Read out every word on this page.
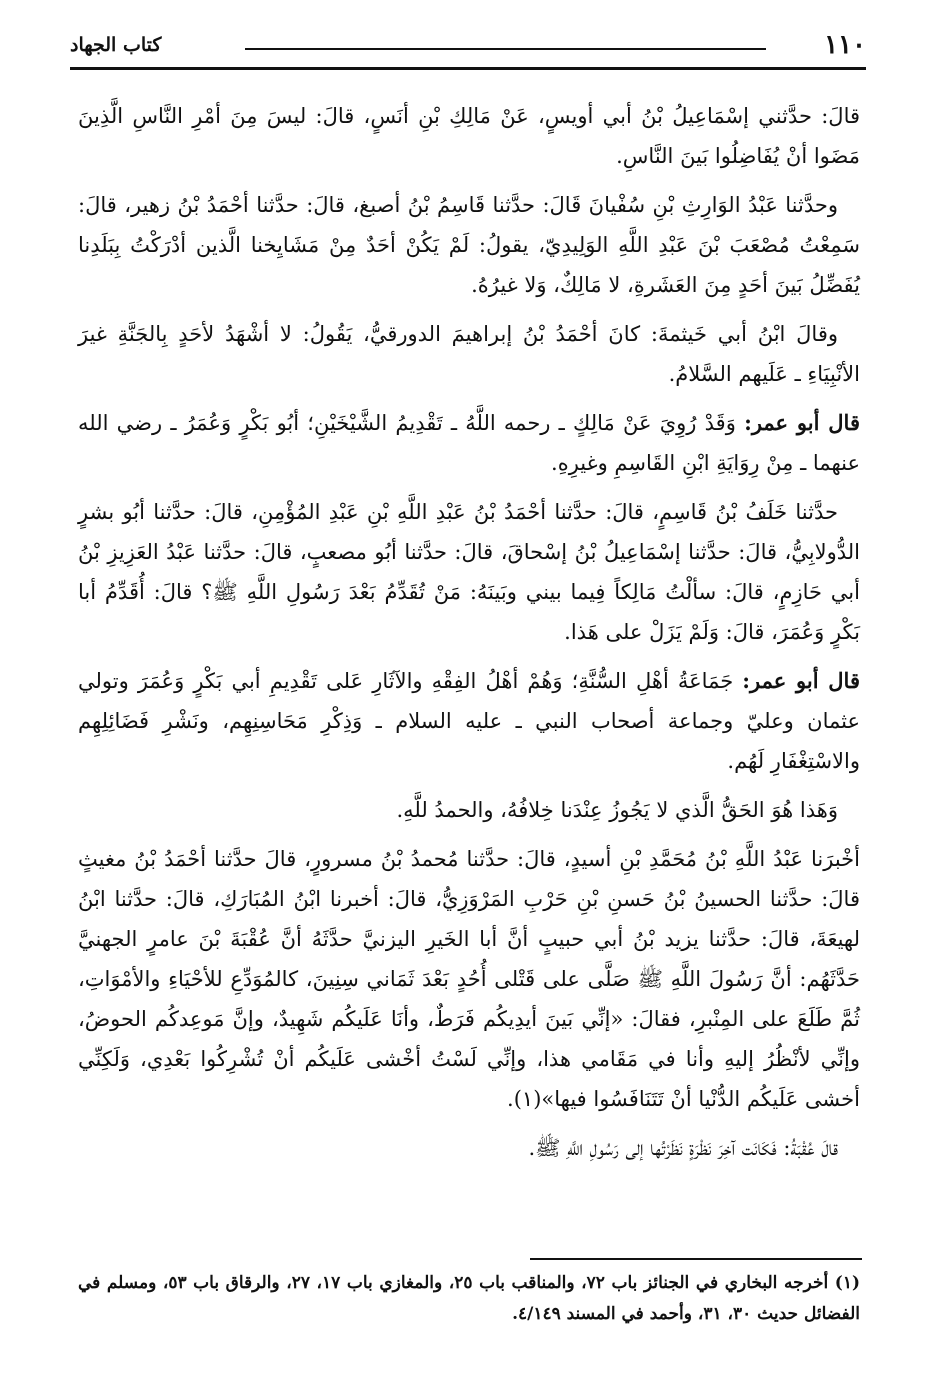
١١٠
كتاب الجهاد

قالَ: حدَّثني إسْمَاعِيلُ بْنُ أبي أويسٍ، عَنْ مَالِكِ بْنِ أنَسٍ، قالَ: ليسَ مِنَ أمْرِ النَّاسِ الَّذِينَ مَضَوا أنْ يُفَاضِلُوا بَينَ النَّاسِ.

وحدَّثنا عَبْدُ الوَارِثِ بْنِ سُفْيانَ قَالَ: حدَّثنا قَاسِمُ بْنُ أصبغ، قالَ: حدَّثنا أحْمَدُ بْنُ زهير، قالَ: سَمِعْتُ مُصْعَبَ بْنَ عَبْدِ اللَّهِ الوَلِيدِيّ، يقولُ: لَمْ يَكُنْ أحَدٌ مِنْ مَشَايِخنا الَّذين أدْرَكْتُ بِبَلَدِنا يُفَضِّلُ بَينَ أحَدٍ مِنَ العَشَرةِ، لا مَالِكٌ، وَلا غيرُهُ.

وقالَ ابْنُ أبي خَيثمةَ: كانَ أحْمَدُ بْنُ إبراهيمَ الدورقيُّ، يَقُولُ: لا أشْهَدُ لأحَدٍ بِالجَنَّةِ غيرَ الأنْبِيَاءِ ـ عَلَيهم السَّلامُ.

قال أبو عمر: وَقَدْ رُوِيَ عَنْ مَالِكٍ ـ رحمه اللَّهُ ـ تَقْدِيمُ الشَّيْخَيْنِ؛ أبُو بَكْرٍ وَعُمَرُ ـ رضي الله عنهما ـ مِنْ رِوَايَةِ ابْنِ القَاسِمِ وغيرِهِ.

حدَّثنا خَلَفُ بْنُ قَاسِمٍ، قالَ: حدَّثنا أحْمَدُ بْنُ عَبْدِ اللَّهِ بْنِ عَبْدِ المُؤْمِنِ، قالَ: حدَّثنا أبُو بشرٍ الدُّولابِيُّ، قالَ: حدَّثنا إسْمَاعِيلُ بْنُ إسْحاقَ، قالَ: حدَّثنا أبُو مصعبٍ، قالَ: حدَّثنا عَبْدُ العَزِيزِ بْنُ أبي حَازِمٍ، قالَ: سألْتُ مَالِكاً فِيما بيني وبَينَهُ: مَنْ تُقَدِّمُ بَعْدَ رَسُولِ اللَّهِ ﷺ؟ قالَ: أُقَدِّمُ أبا بَكْرٍ وَعُمَرَ، قالَ: وَلَمْ يَزَلْ على هَذا.

قال أبو عمر: جَمَاعَةُ أهْلِ السُّنَّةِ؛ وَهُمْ أهْلُ الفِقْهِ والآثَارِ عَلى تَقْدِيمِ أبي بَكْرٍ وَعُمَرَ وتولي عثمان وعليّ وجماعة أصحاب النبي ـ عليه السلام ـ وَذِكْرِ مَحَاسِنِهِم، ونَشْرِ فَضَائِلِهِم والاسْتِغْفَارِ لَهُم.

وَهَذا هُوَ الحَقُّ الَّذي لا يَجُوزُ عِنْدَنا خِلافُهُ، والحمدُ للَّهِ.

أخْبرَنا عَبْدُ اللَّهِ بْنُ مُحَمَّدِ بْنِ أسيدٍ، قالَ: حدَّثنا مُحمدُ بْنُ مسرورٍ، قالَ حدَّثنا أحْمَدُ بْنُ مغيثٍ قالَ: حدَّثنا الحسينُ بْنُ حَسنِ بْنِ حَرْبِ المَرْوَزِيُّ، قالَ: أخبرنا ابْنُ المُبَارَكِ، قالَ: حدَّثنا ابْنُ لهيعَةَ، قالَ: حدَّثنا يزيد بْنُ أبي حبيبٍ أنَّ أبا الخَيرِ اليزنيَّ حدَّثَهُ أنَّ عُقْبَةَ بْنَ عامرٍ الجهنيَّ حَدَّثَهُم: أنَّ رَسُولَ اللَّهِ ﷺ صَلَّى على قَتْلى أُحُدٍ بَعْدَ ثَمَاني سِنِينَ، كالمُوَدِّعِ للأحْيَاءِ والأمْوَاتِ، ثُمَّ طَلَعَ على المِنْبرِ، فقالَ: «إنِّي بَينَ أيدِيكُم فَرَطٌ، وأنَا عَلَيكُم شَهِيدٌ، وإنَّ مَوعِدكُم الحوضُ، وإنِّي لأنْظُرُ إليهِ وأنا في مَقَامي هذا، وإنِّي لَسْتُ أخْشى عَلَيكُم أنْ تُشْرِكُوا بَعْدِي، وَلَكِنِّي أخشى عَلَيكُم الدُّنْيا أنْ تَتَنَافَسُوا فيها»(١).

قالَ عُقْبَةُ: فَكَانَت آخِرَ نَظْرَةٍ نَظَرْتُها إلى رَسُولِ اللَّهِ ﷺ.

(١) أخرجه البخاري في الجنائز باب ٧٢، والمناقب باب ٢٥، والمغازي باب ١٧، ٢٧، والرقاق باب ٥٣، ومسلم في الفضائل حديث ٣٠، ٣١، وأحمد في المسند ٤/١٤٩.
